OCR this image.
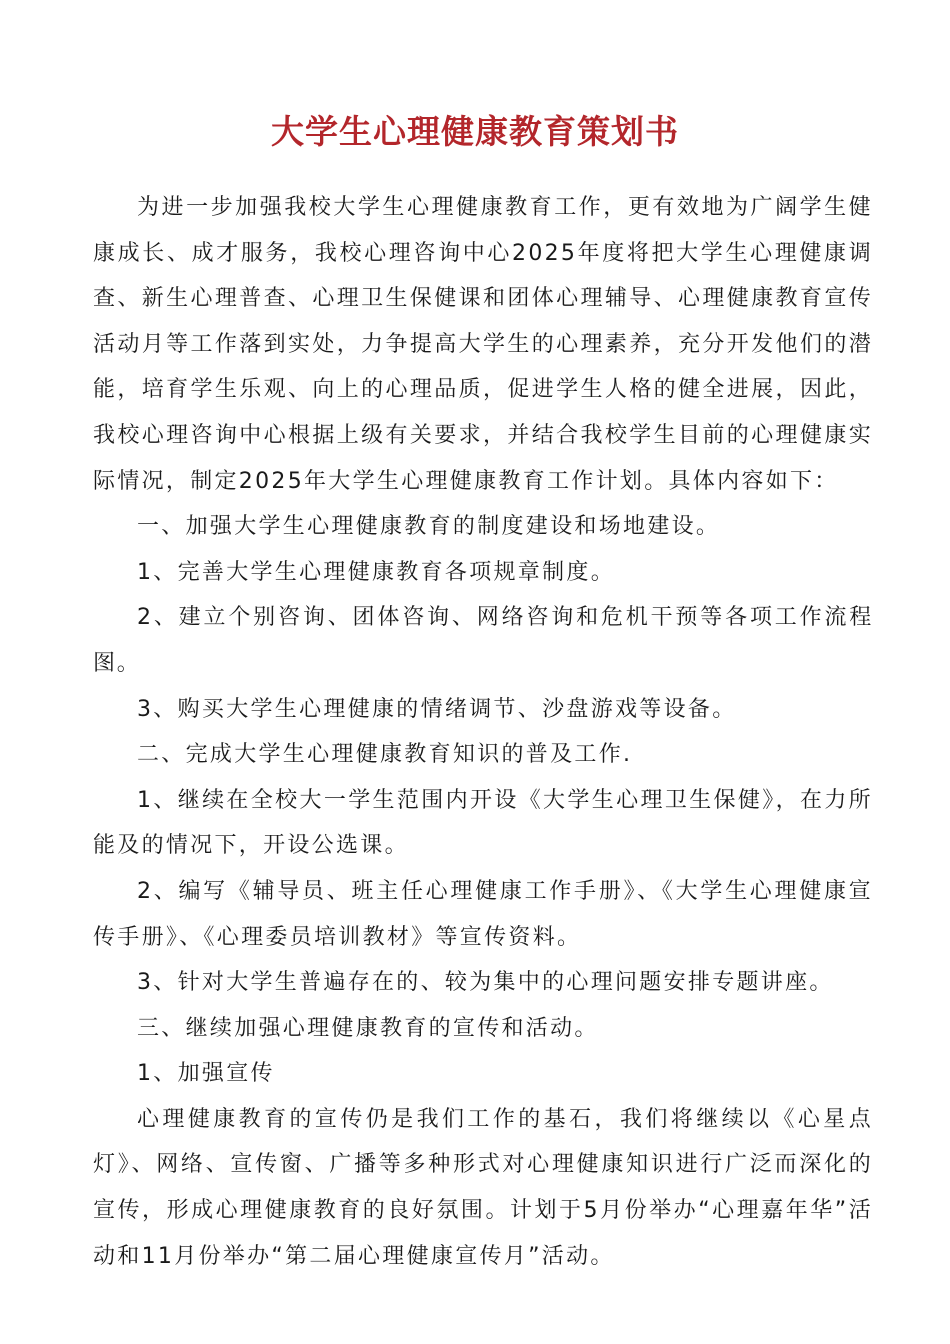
大学生心理健康教育策划书

为进一步加强我校大学生心理健康教育工作，更有效地为广阔学生健康成长、成才服务，我校心理咨询中心2025年度将把大学生心理健康调查、新生心理普查、心理卫生保健课和团体心理辅导、心理健康教育宣传活动月等工作落到实处，力争提高大学生的心理素养，充分开发他们的潜能，培育学生乐观、向上的心理品质，促进学生人格的健全进展，因此，我校心理咨询中心根据上级有关要求，并结合我校学生目前的心理健康实际情况，制定2025年大学生心理健康教育工作计划。具体内容如下：

一、加强大学生心理健康教育的制度建设和场地建设。

1、完善大学生心理健康教育各项规章制度。

2、建立个别咨询、团体咨询、网络咨询和危机干预等各项工作流程图。

3、购买大学生心理健康的情绪调节、沙盘游戏等设备。

二、完成大学生心理健康教育知识的普及工作.

1、继续在全校大一学生范围内开设《大学生心理卫生保健》，在力所能及的情况下，开设公选课。

2、编写《辅导员、班主任心理健康工作手册》、《大学生心理健康宣传手册》、《心理委员培训教材》等宣传资料。

3、针对大学生普遍存在的、较为集中的心理问题安排专题讲座。

三、继续加强心理健康教育的宣传和活动。

1、加强宣传

心理健康教育的宣传仍是我们工作的基石，我们将继续以《心星点灯》、网络、宣传窗、广播等多种形式对心理健康知识进行广泛而深化的宣传，形成心理健康教育的良好氛围。计划于5月份举办“心理嘉年华”活动和11月份举办“第二届心理健康宣传月”活动。
